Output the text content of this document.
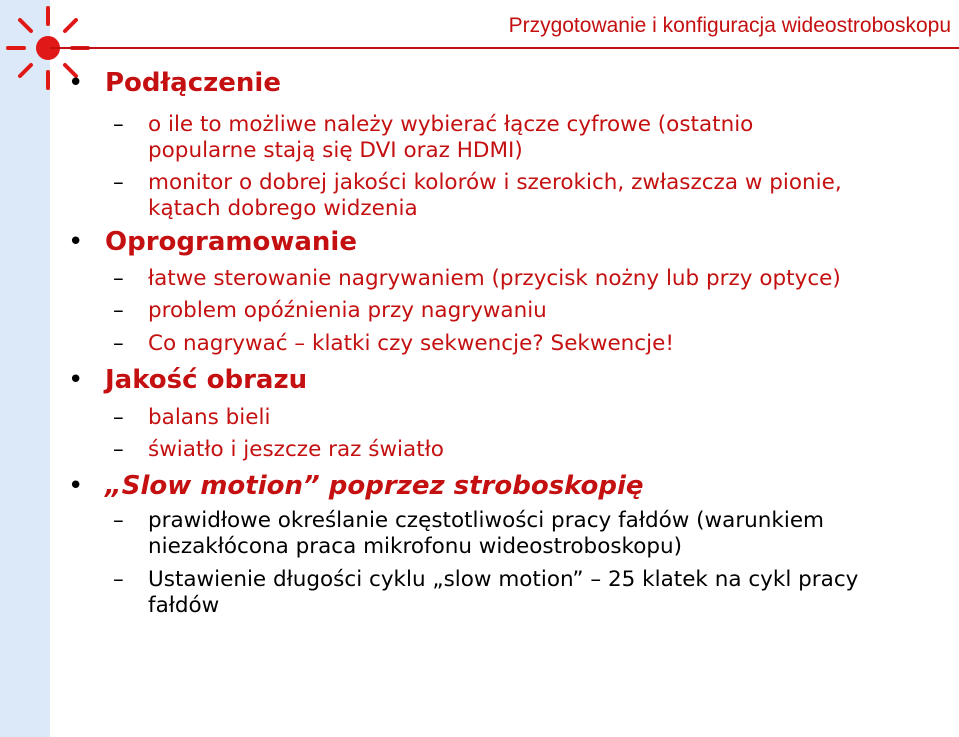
Przygotowanie i konfiguracja wideostroboskopu
• Podłączenie
– o ile to możliwe należy wybierać łącze cyfrowe (ostatnio
popularne stają się DVI oraz HDMI)
– monitor o dobrej jakości kolorów i szerokich, zwłaszcza w pionie,
kątach dobrego widzenia
• Oprogramowanie
– łatwe sterowanie nagrywaniem (przycisk nożny lub przy optyce)
– problem opóźnienia przy nagrywaniu
– Co nagrywać – klatki czy sekwencje? Sekwencje!
• Jakość obrazu
– balans bieli
– światło i jeszcze raz światło
• „Slow motion” poprzez stroboskopię
– prawidłowe określanie częstotliwości pracy fałdów (warunkiem
niezakłócona praca mikrofonu wideostroboskopu)
– Ustawienie długości cyklu „slow motion” – 25 klatek na cykl pracy
fałdów
